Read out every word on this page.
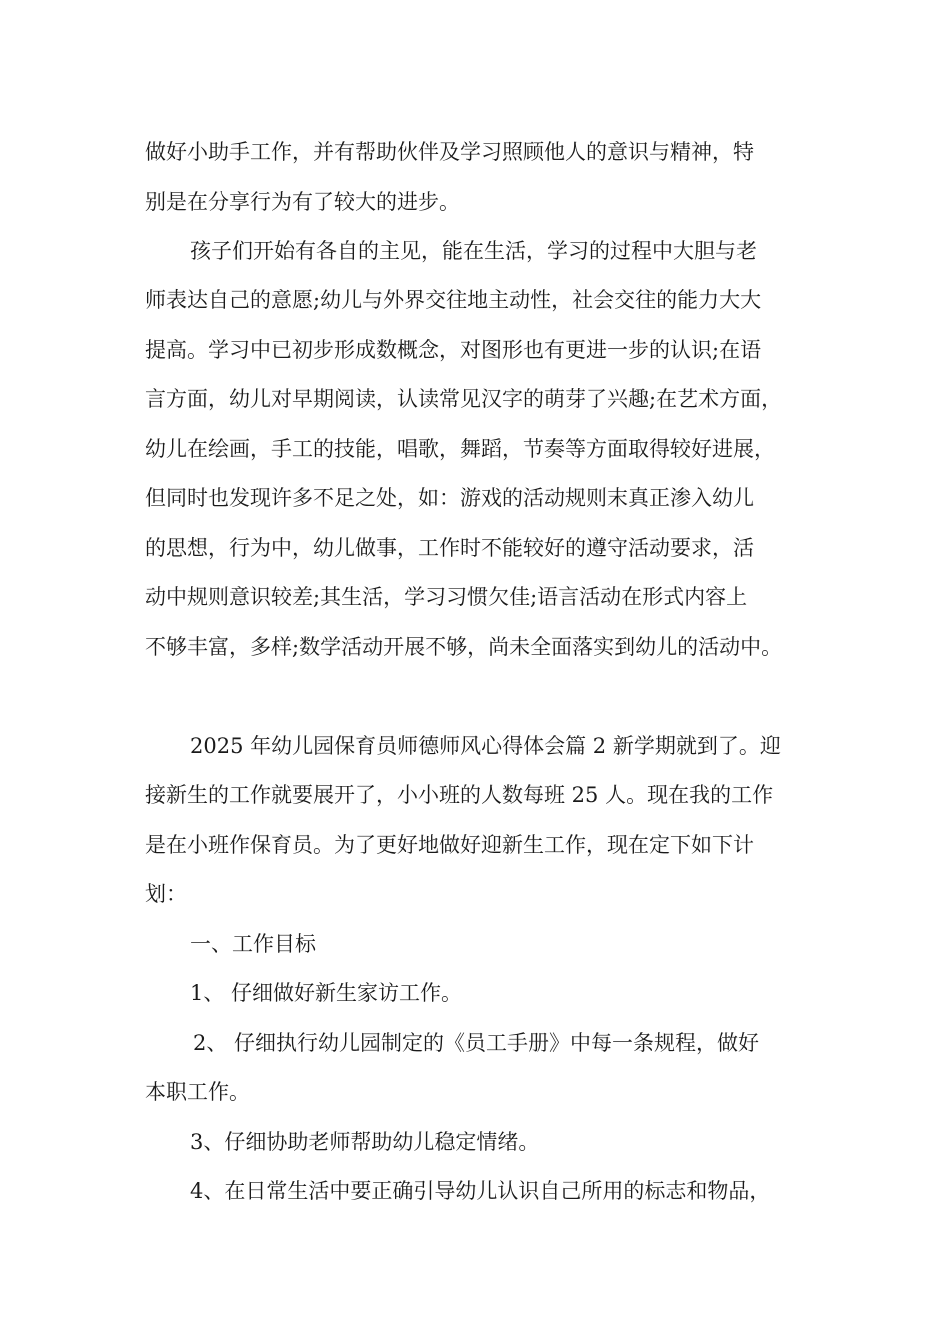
做好小助手工作，并有帮助伙伴及学习照顾他人的意识与精神，特
别是在分享行为有了较大的进步。
孩子们开始有各自的主见，能在生活，学习的过程中大胆与老
师表达自己的意愿;幼儿与外界交往地主动性，社会交往的能力大大
提高。学习中已初步形成数概念，对图形也有更进一步的认识;在语
言方面，幼儿对早期阅读，认读常见汉字的萌芽了兴趣;在艺术方面，
幼儿在绘画，手工的技能，唱歌，舞蹈，节奏等方面取得较好进展，
但同时也发现许多不足之处，如：游戏的活动规则末真正渗入幼儿
的思想，行为中，幼儿做事，工作时不能较好的遵守活动要求，活
动中规则意识较差;其生活，学习习惯欠佳;语言活动在形式内容上
不够丰富，多样;数学活动开展不够，尚未全面落实到幼儿的活动中。
2025 年幼儿园保育员师德师风心得体会篇 2 新学期就到了。迎
接新生的工作就要展开了，小小班的人数每班 25 人。现在我的工作
是在小班作保育员。为了更好地做好迎新生工作，现在定下如下计
划：
一、工作目标
1、 仔细做好新生家访工作。
2、 仔细执行幼儿园制定的《员工手册》中每一条规程，做好
本职工作。
3、仔细协助老师帮助幼儿稳定情绪。
4、在日常生活中要正确引导幼儿认识自己所用的标志和物品，
